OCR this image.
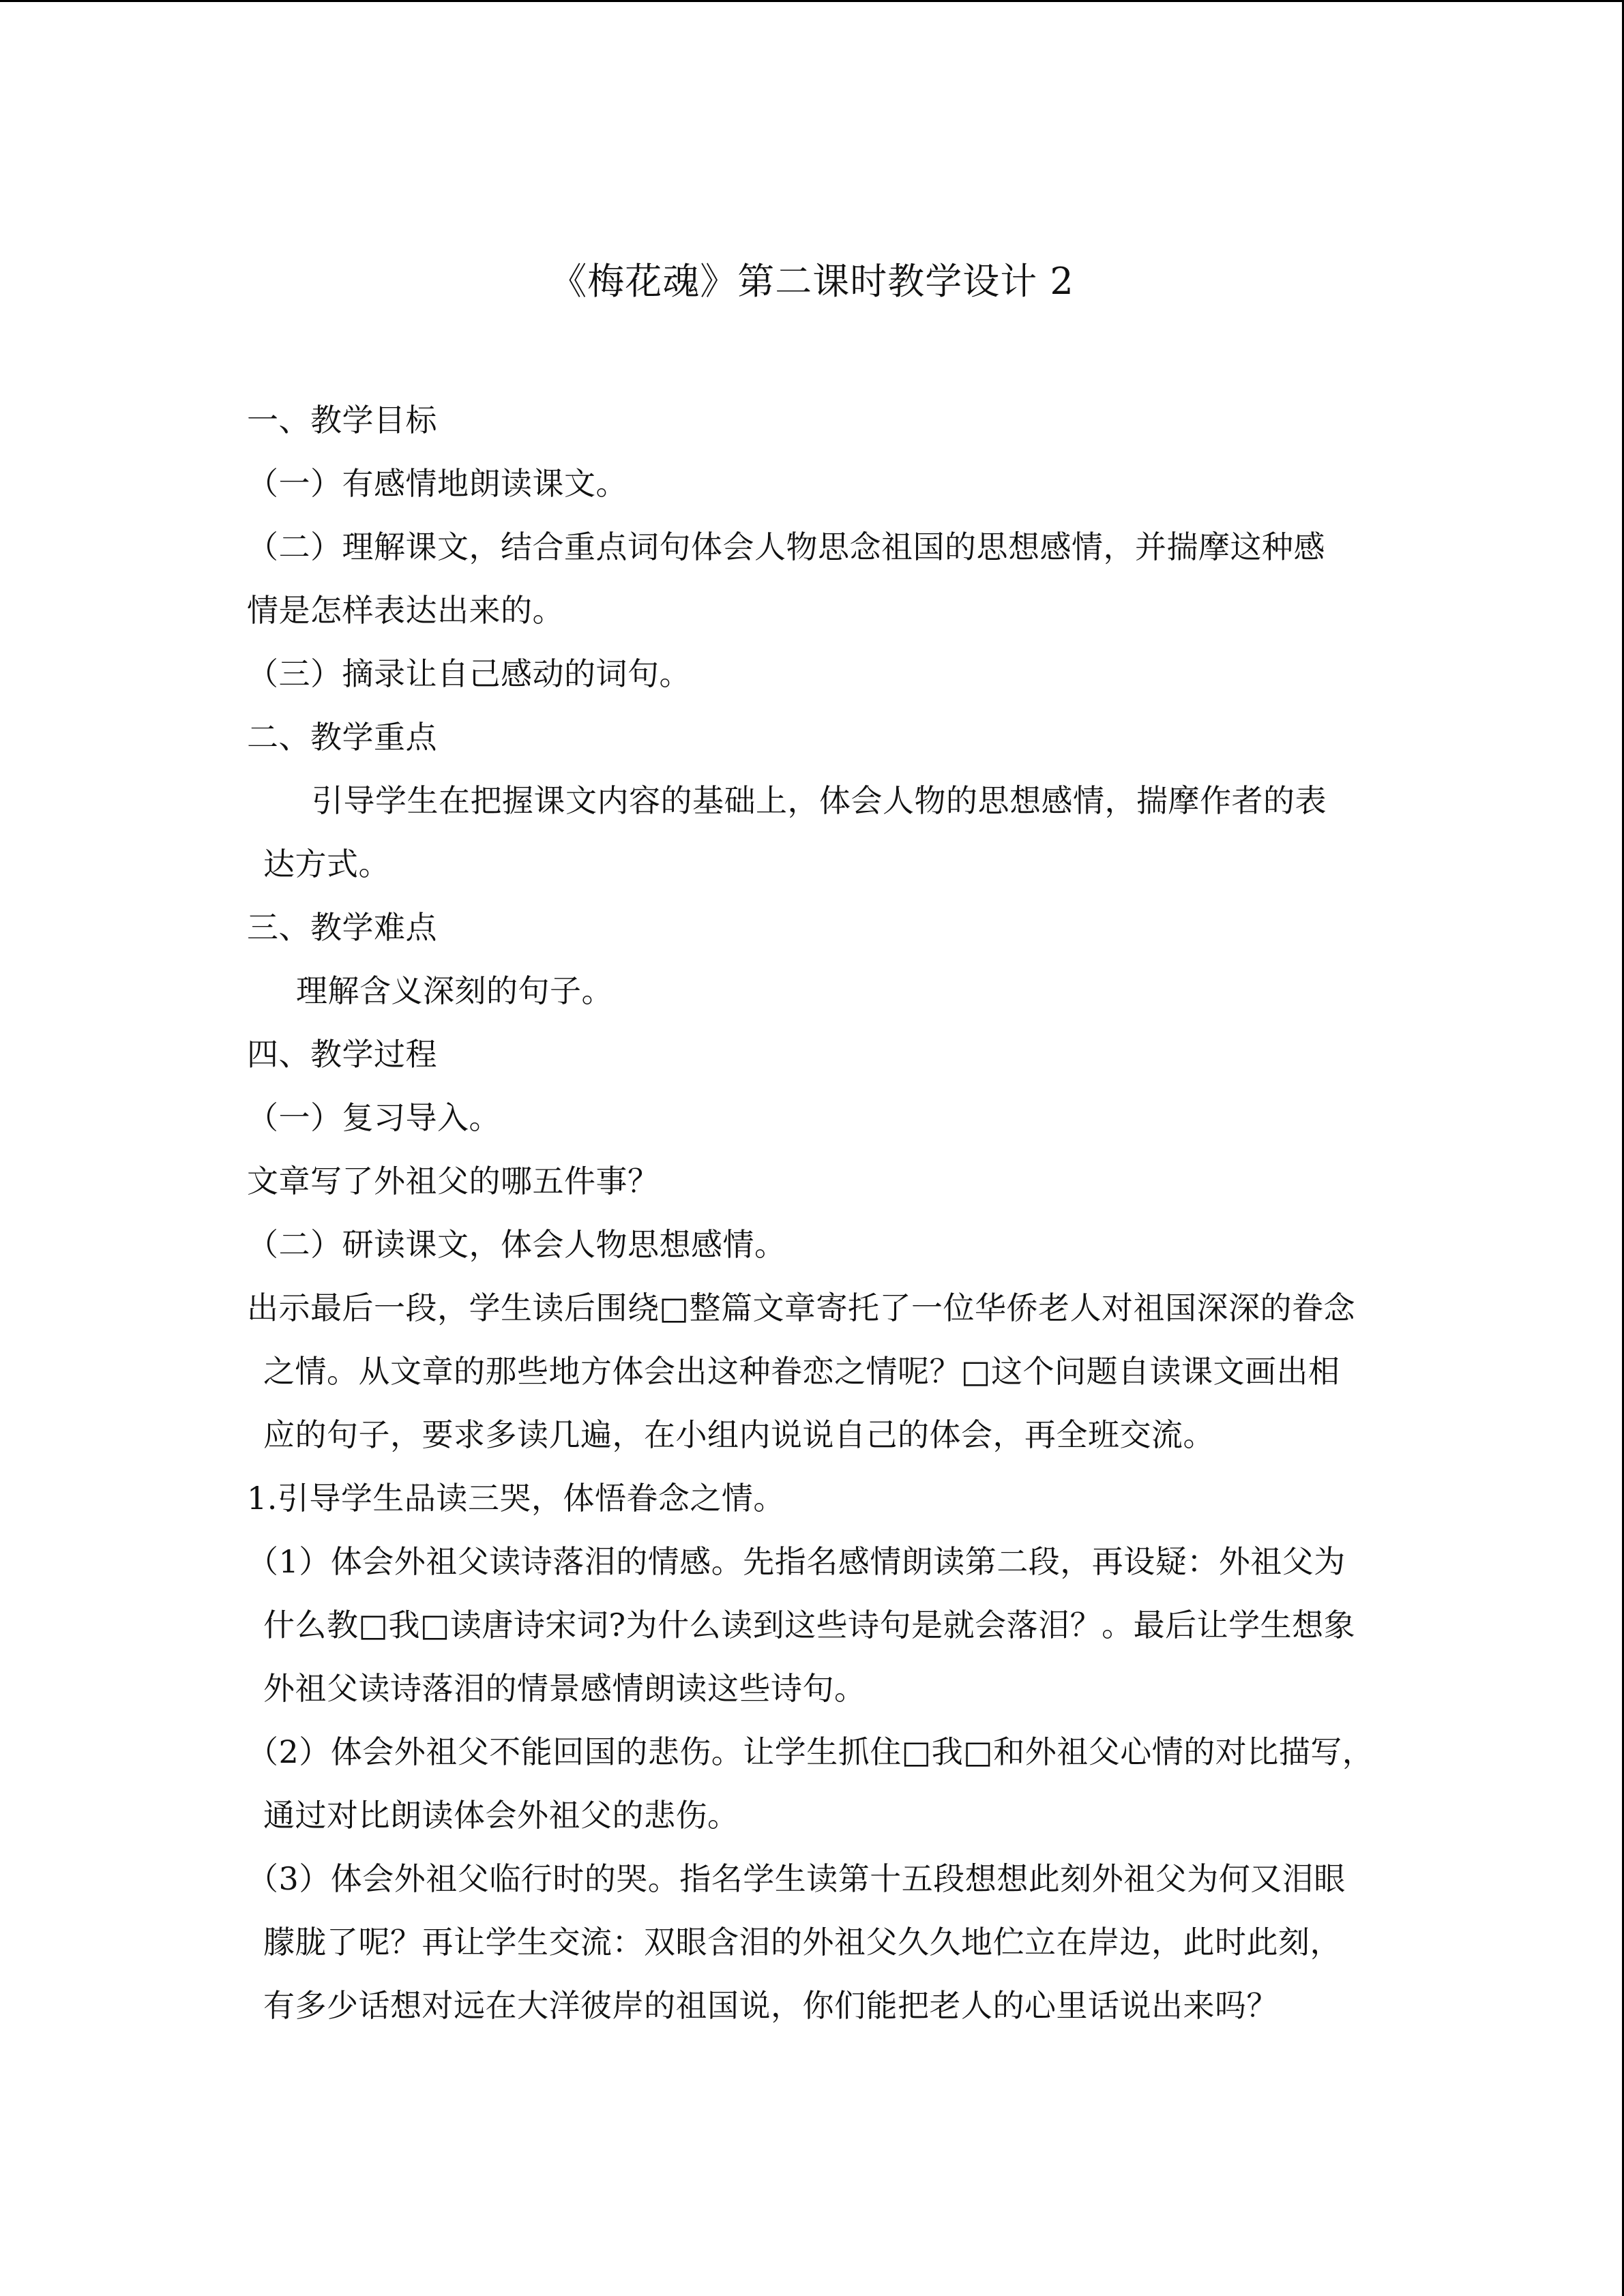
《梅花魂》第二课时教学设计 2
一、教学目标
（一）有感情地朗读课文。
（二）理解课文，结合重点词句体会人物思念祖国的思想感情，并揣摩这种感
情是怎样表达出来的。
（三）摘录让自己感动的词句。
二、教学重点
引导学生在把握课文内容的基础上，体会人物的思想感情，揣摩作者的表
达方式。
三、教学难点
理解含义深刻的句子。
四、教学过程
（一）复习导入。
文章写了外祖父的哪五件事？
（二）研读课文，体会人物思想感情。
出示最后一段，学生读后围绕□整篇文章寄托了一位华侨老人对祖国深深的眷念
之情。从文章的那些地方体会出这种眷恋之情呢？□这个问题自读课文画出相
应的句子，要求多读几遍，在小组内说说自己的体会，再全班交流。
1.引导学生品读三哭，体悟眷念之情。
（1）体会外祖父读诗落泪的情感。先指名感情朗读第二段，再设疑：外祖父为
什么教□我□读唐诗宋词?为什么读到这些诗句是就会落泪？。最后让学生想象
外祖父读诗落泪的情景感情朗读这些诗句。
（2）体会外祖父不能回国的悲伤。让学生抓住□我□和外祖父心情的对比描写，
通过对比朗读体会外祖父的悲伤。
（3）体会外祖父临行时的哭。指名学生读第十五段想想此刻外祖父为何又泪眼
朦胧了呢？再让学生交流：双眼含泪的外祖父久久地伫立在岸边，此时此刻，
有多少话想对远在大洋彼岸的祖国说，你们能把老人的心里话说出来吗？
